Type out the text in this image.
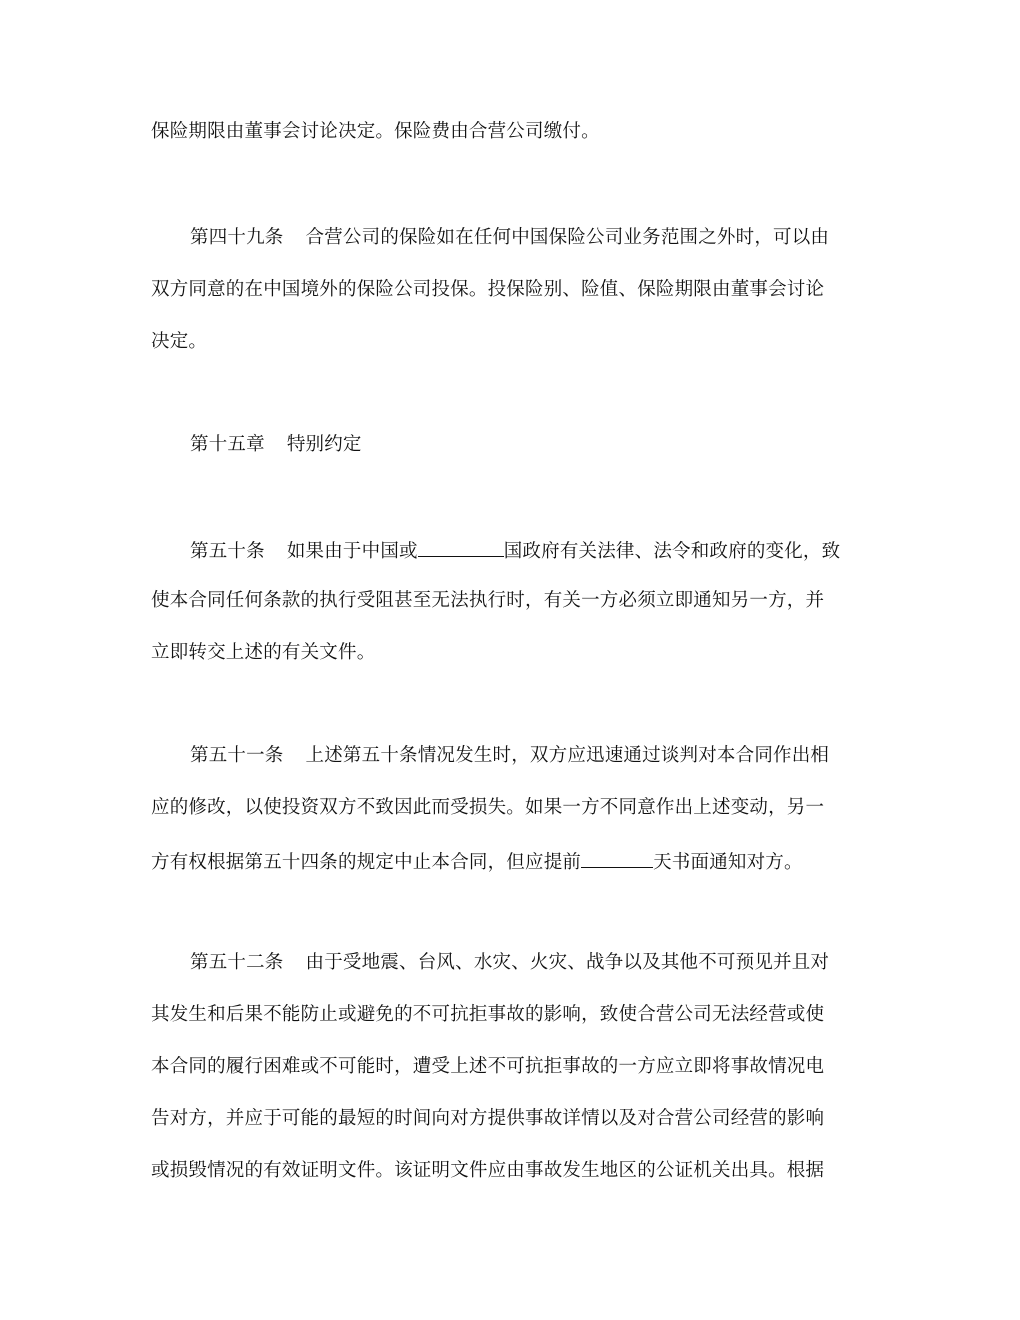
保险期限由董事会讨论决定。保险费由合营公司缴付。
第四十九条 合营公司的保险如在任何中国保险公司业务范围之外时，可以由
双方同意的在中国境外的保险公司投保。投保险别、险值、保险期限由董事会讨论
决定。
第十五章 特别约定
第五十条 如果由于中国或	国政府有关法律、法令和政府的变化，致
使本合同任何条款的执行受阻甚至无法执行时，有关一方必须立即通知另一方，并
立即转交上述的有关文件。
第五十一条 上述第五十条情况发生时，双方应迅速通过谈判对本合同作出相
应的修改，以使投资双方不致因此而受损失。如果一方不同意作出上述变动，另一
方有权根据第五十四条的规定中止本合同，但应提前	天书面通知对方。
第五十二条 由于受地震、台风、水灾、火灾、战争以及其他不可预见并且对
其发生和后果不能防止或避免的不可抗拒事故的影响，致使合营公司无法经营或使
本合同的履行困难或不可能时，遭受上述不可抗拒事故的一方应立即将事故情况电
告对方，并应于可能的最短的时间向对方提供事故详情以及对合营公司经营的影响
或损毁情况的有效证明文件。该证明文件应由事故发生地区的公证机关出具。根据
